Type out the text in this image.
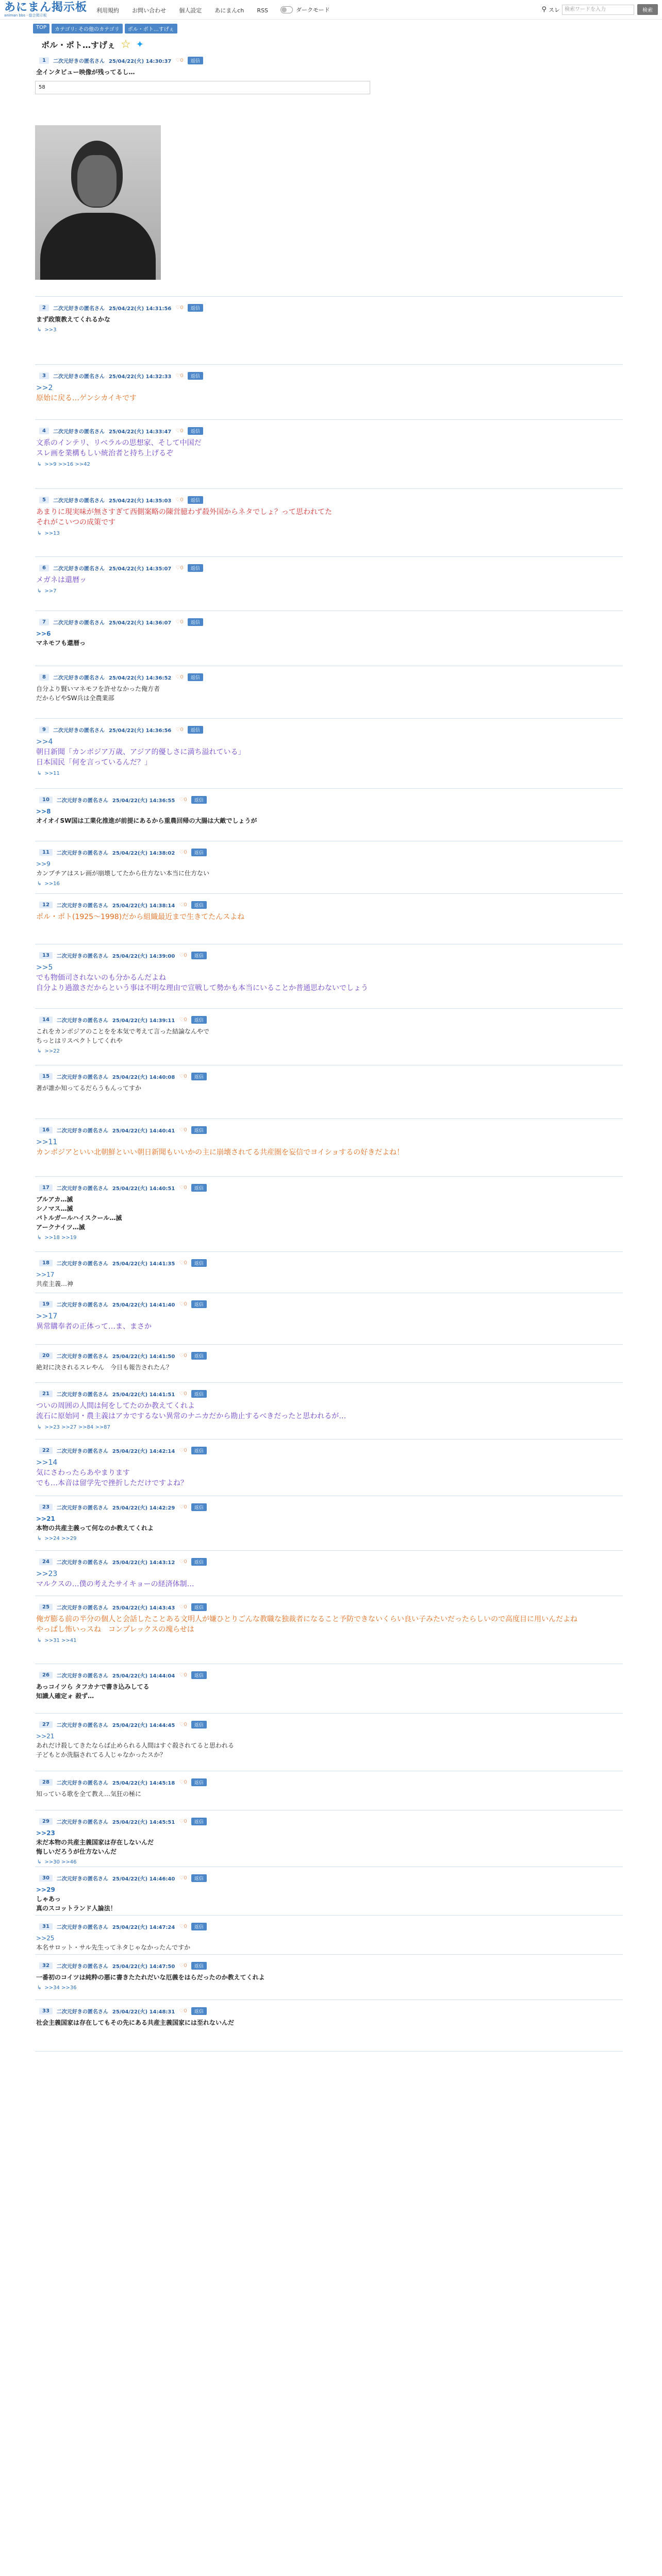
あにまん掲示板
animan bbs · 総合掲示板
利用規約 お問い合わせ 個人設定 あにまんch RSS	ダークモード	⚲ スレ 検索ワードを入力	検索
TOP	カテゴリ: その他のカテゴリ	ポル・ポト…すげぇ
ポル・ポト…すげぇ ☆ ✦
1	二次元好きの匿名さん 25/04/22(火) 14:30:37 ♡0	返信
全インタビュー映像が残ってるし…
58
2	二次元好きの匿名さん 25/04/22(火) 14:31:56 ♡0	返信
まず政策教えてくれるかな
↳ >>3
3	二次元好きの匿名さん 25/04/22(火) 14:32:33 ♡0	返信
>>2
原始に戻る…ゲンシカイキです
4	二次元好きの匿名さん 25/04/22(火) 14:33:47 ♡0	返信
文系のインテリ、リベラルの思想家、そして中国だ
スレ画を業構もしい統治者と持ち上げるぞ
↳ >>9 >>16 >>42
5	二次元好きの匿名さん 25/04/22(火) 14:35:03 ♡0	返信
あまりに現実味が無さすぎて西側案略の陳営臆わず殺外国からネタでしょ？って思われてた
それがこいつの成策です
↳ >>13
6	二次元好きの匿名さん 25/04/22(火) 14:35:07 ♡0	返信
メガネは還暦ッ
↳ >>7
7	二次元好きの匿名さん 25/04/22(火) 14:36:07 ♡0	返信
>>6
マネモフも還暦っ
8	二次元好きの匿名さん 25/04/22(火) 14:36:52 ♡0	返信
自分より賢いマネモフを許せなかった俺方者
だからビやSW兵は全農業部
9	二次元好きの匿名さん 25/04/22(火) 14:36:56 ♡0	返信
>>4
朝日新聞「カンボジア万歳、アジア的優しさに満ち溢れている」
日本国民「何を言っているんだ？」
↳ >>11
10	二次元好きの匿名さん 25/04/22(火) 14:36:55 ♡0	返信
>>8
オイオイSW国は工業化推進が前提にあるから重農回帰の大腸は大敵でしょうが
11	二次元好きの匿名さん 25/04/22(火) 14:38:02 ♡0	返信
>>9
カンプチアはスレ画が崩壊してたから仕方ない本当に仕方ない
↳ >>16
12	二次元好きの匿名さん 25/04/22(火) 14:38:14 ♡0	返信
ポル・ポト(1925〜1998)だから組織最近まで生きてたんスよね
13	二次元好きの匿名さん 25/04/22(火) 14:39:00 ♡0	返信
>>5
でも物価司されないのも分かるんだよね
自分より過激さだからという事は不明な理由で宣戦して勢かも本当にいることか普通思わないでしょう
14	二次元好きの匿名さん 25/04/22(火) 14:39:11 ♡0	返信
これをカンボジアのことをを本気で考えて言った結論なんやで
ちっとはリスペクトしてくれや
↳ >>22
15	二次元好きの匿名さん 25/04/22(火) 14:40:08 ♡0	返信
著が誰か知ってるだらうもんってすか
16	二次元好きの匿名さん 25/04/22(火) 14:40:41 ♡0	返信
>>11
カンボジアといい北朝鮮といい朝日新聞もいいかの主に崩壊されてる共産圏を妄信でヨイショするの好きだよね！
17	二次元好きの匿名さん 25/04/22(火) 14:40:51 ♡0	返信
ブルアカ…滅
シノマス…滅
バトルガールハイスクール…滅
アークナイツ…滅
↳ >>18 >>19
18	二次元好きの匿名さん 25/04/22(火) 14:41:35 ♡0	返信
>>17
共産主義…神
19	二次元好きの匿名さん 25/04/22(火) 14:41:40 ♡0	返信
>>17
異常購奉者の正体って…ま、まさか
20	二次元好きの匿名さん 25/04/22(火) 14:41:50 ♡0	返信
絶対に決されるスレやん　今日も報告されたん？
21	二次元好きの匿名さん 25/04/22(火) 14:41:51 ♡0	返信
ついの周囲の人間は何をしてたのか教えてくれよ
流石に原始同・農主義はアカでするない異常のナニカだから勘止するべきだったと思われるが…
↳ >>23 >>27 >>84 >>87
22	二次元好きの匿名さん 25/04/22(火) 14:42:14 ♡0	返信
>>14
気にさわったらあやまります
でも…本音は留学先で挫折しただけですよね？
23	二次元好きの匿名さん 25/04/22(火) 14:42:29 ♡0	返信
>>21
本物の共産主義って何なのか教えてくれよ
↳ >>24 >>29
24	二次元好きの匿名さん 25/04/22(火) 14:43:12 ♡0	返信
>>23
マルクスの…僕の考えたサイキョーの経済体制…
25	二次元好きの匿名さん 25/04/22(火) 14:43:43 ♡0	返信
俺ガ膨る前の半分の個人と会話したことある文明人が嫌ひとりごんな教職な独裁者になること予防できないくらい良い子みたいだったらしいので高度目に用いんだよね
やっぱし怖いっスね　コンプレックスの塊らせは
↳ >>31 >>41
26	二次元好きの匿名さん 25/04/22(火) 14:44:04 ♡0	返信
あっコイツら タフカナで書き込みしてる
知識人確定ォ 殺ず…
27	二次元好きの匿名さん 25/04/22(火) 14:44:45 ♡0	返信
>>21
あれだけ殺してきたならば止められる人間はすぐ殺されてると思われる
子どもとか洗脳されてる人じゃなかったスか？
28	二次元好きの匿名さん 25/04/22(火) 14:45:18 ♡0	返信
知っている歌を全て教え…気狂の極に
29	二次元好きの匿名さん 25/04/22(火) 14:45:51 ♡0	返信
>>23
未だ本物の共産主義国家は存在しないんだ
悔しいだろうが仕方ないんだ
↳ >>30 >>46
30	二次元好きの匿名さん 25/04/22(火) 14:46:40 ♡0	返信
>>29
しゃあっ
真のスコットランド人論法！
31	二次元好きの匿名さん 25/04/22(火) 14:47:24 ♡0	返信
>>25
本名サロット・サル先生ってネタじゃなかったんですか
32	二次元好きの匿名さん 25/04/22(火) 14:47:50 ♡0	返信
一番初のコイツは純粋の悪に書きたたれだいな厄義をはらだったのか教えてくれよ
↳ >>34 >>36
33	二次元好きの匿名さん 25/04/22(火) 14:48:31 ♡0	返信
社会主義国家は存在してもその先にある共産主義国家には至れないんだ
